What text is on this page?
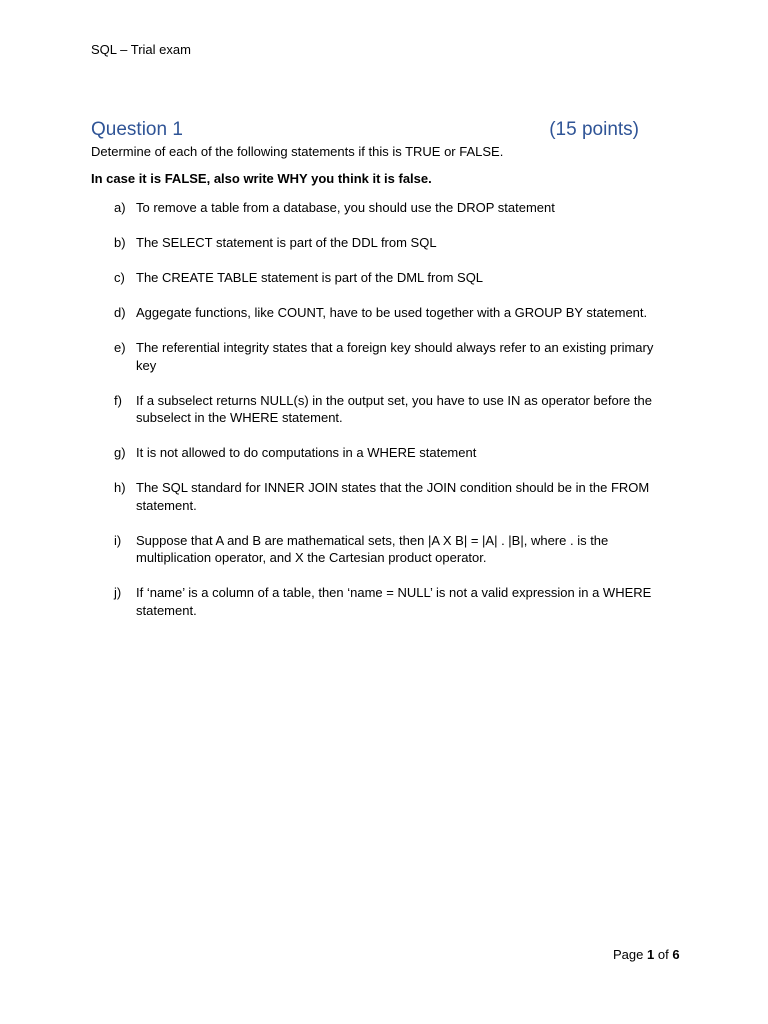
SQL – Trial exam
Question 1	(15 points)
Determine of each of the following statements if this is TRUE or FALSE.
In case it is FALSE, also write WHY you think it is false.
a) To remove a table from a database, you should use the DROP statement
b) The SELECT statement is part of the DDL from SQL
c) The CREATE TABLE statement is part of the DML from SQL
d) Aggegate functions, like COUNT, have to be used together with a GROUP BY statement.
e) The referential integrity states that a foreign key should always refer to an existing primary key
f)	If a subselect returns NULL(s) in the output set, you have to use IN as operator before the subselect in the WHERE statement.
g) It is not allowed to do computations in a WHERE statement
h) The SQL standard for INNER JOIN states that the JOIN condition should be in the FROM statement.
i)	Suppose that A and B are mathematical sets, then |A X B| = |A| . |B|, where . is the multiplication operator, and X the Cartesian product operator.
j)	If ‘name’ is a column of a table, then ‘name = NULL’ is not a valid expression in a WHERE statement.
Page 1 of 6
